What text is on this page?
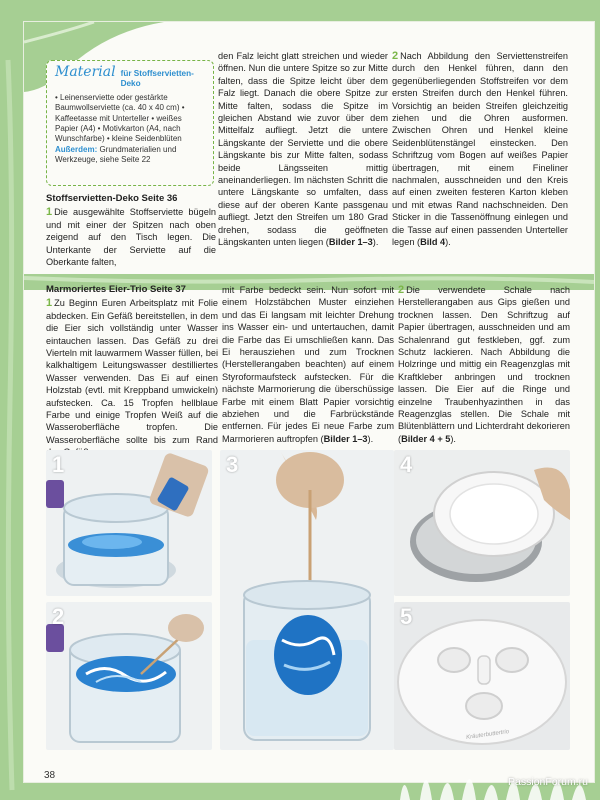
Material für Stoffservietten-Deko
• Leinenserviette oder gestärkte Baumwollserviette (ca. 40 x 40 cm) • Kaffeetasse mit Unterteller • weißes Papier (A4) • Motivkarton (A4, nach Wunschfarbe) • kleine Seidenblüten
Außerdem: Grundmaterialien und Werkzeuge, siehe Seite 22
Stoffservietten-Deko Seite 36

1 Die ausgewählte Stoffserviette bügeln und mit einer der Spitzen nach oben zeigend auf den Tisch legen. Die Unterkante der Serviette auf die Oberkante falten,

den Falz leicht glatt streichen und wieder öffnen. Nun die untere Spitze so zur Mitte falten, dass die Spitze leicht über dem Falz liegt. Danach die obere Spitze zur Mitte falten, sodass die Spitze im gleichen Abstand wie zuvor über dem Mittelfalz aufliegt. Jetzt die untere Längskante der Serviette und die obere Längskante bis zur Mitte falten, sodass beide Längsseiten mittig aneinanderliegen. Im nächsten Schritt die untere Längskante so umfalten, dass diese auf der oberen Kante passgenau aufliegt. Jetzt den Streifen um 180 Grad drehen, sodass die geöffneten Längskanten unten liegen (Bilder 1–3).

2 Nach Abbildung den Serviettenstreifen durch den Henkel führen, dann den gegenüberliegenden Stoffstreifen vor dem ersten Streifen durch den Henkel führen. Vorsichtig an beiden Streifen gleichzeitig ziehen und die Ohren ausformen. Zwischen Ohren und Henkel kleine Seidenblütenstängel einstecken. Den Schriftzug vom Bogen auf weißes Papier übertragen, mit einem Fineliner nachmalen, ausschneiden und den Kreis auf einen zweiten festeren Karton kleben und mit etwas Rand nachschneiden. Den Sticker in die Tassenöffnung einlegen und die Tasse auf einen passenden Unterteller legen (Bild 4).

Marmoriertes Eier-Trio Seite 37

1 Zu Beginn Euren Arbeitsplatz mit Folie abdecken. Ein Gefäß bereitstellen, in dem die Eier sich vollständig unter Wasser eintauchen lassen. Das Gefäß zu drei Vierteln mit lauwarmem Wasser füllen, bei kalkhaltigem Leitungswasser destilliertes Wasser verwenden. Das Ei auf einen Holzstab (evtl. mit Kreppband umwickeln) aufstecken. Ca. 15 Tropfen hellblaue Farbe und einige Tropfen Weiß auf die Wasseroberfläche tropfen. Die Wasseroberfläche sollte bis zum Rand

mit Farbe bedeckt sein. Nun sofort mit einem Holzstäbchen Muster einziehen und das Ei langsam mit leichter Drehung ins Wasser ein- und untertauchen, damit die Farbe das Ei umschließen kann. Das Ei herausziehen und zum Trocknen (Herstellerangaben beachten) auf einem Styroformaufsteck aufstecken. Für die nächste Marmorierung die überschüssige Farbe mit einem Blatt Papier vorsichtig abziehen und die Farbrückstände entfernen. Für jedes Ei neue Farbe zum Marmorieren auftropfen (Bilder 1–3).

2 Die verwendete Schale nach Herstellerangaben aus Gips gießen und trocknen lassen. Den Schriftzug auf Papier übertragen, ausschneiden und am Schalenrand gut festkleben, ggf. zum Schutz lackieren. Nach Abbildung die Holzringe und mittig ein Reagenzglas mit Kraftkleber anbringen und trocknen lassen. Die Eier auf die Ringe und einzelne Traubenhyazinthen in das Reagenzglas stellen. Die Schale mit Blütenblättern und Lichterdraht dekorieren (Bilder 4 + 5).

1
2
3	4
5
Kräuterbuttertrio
38
PassionForum.ru
